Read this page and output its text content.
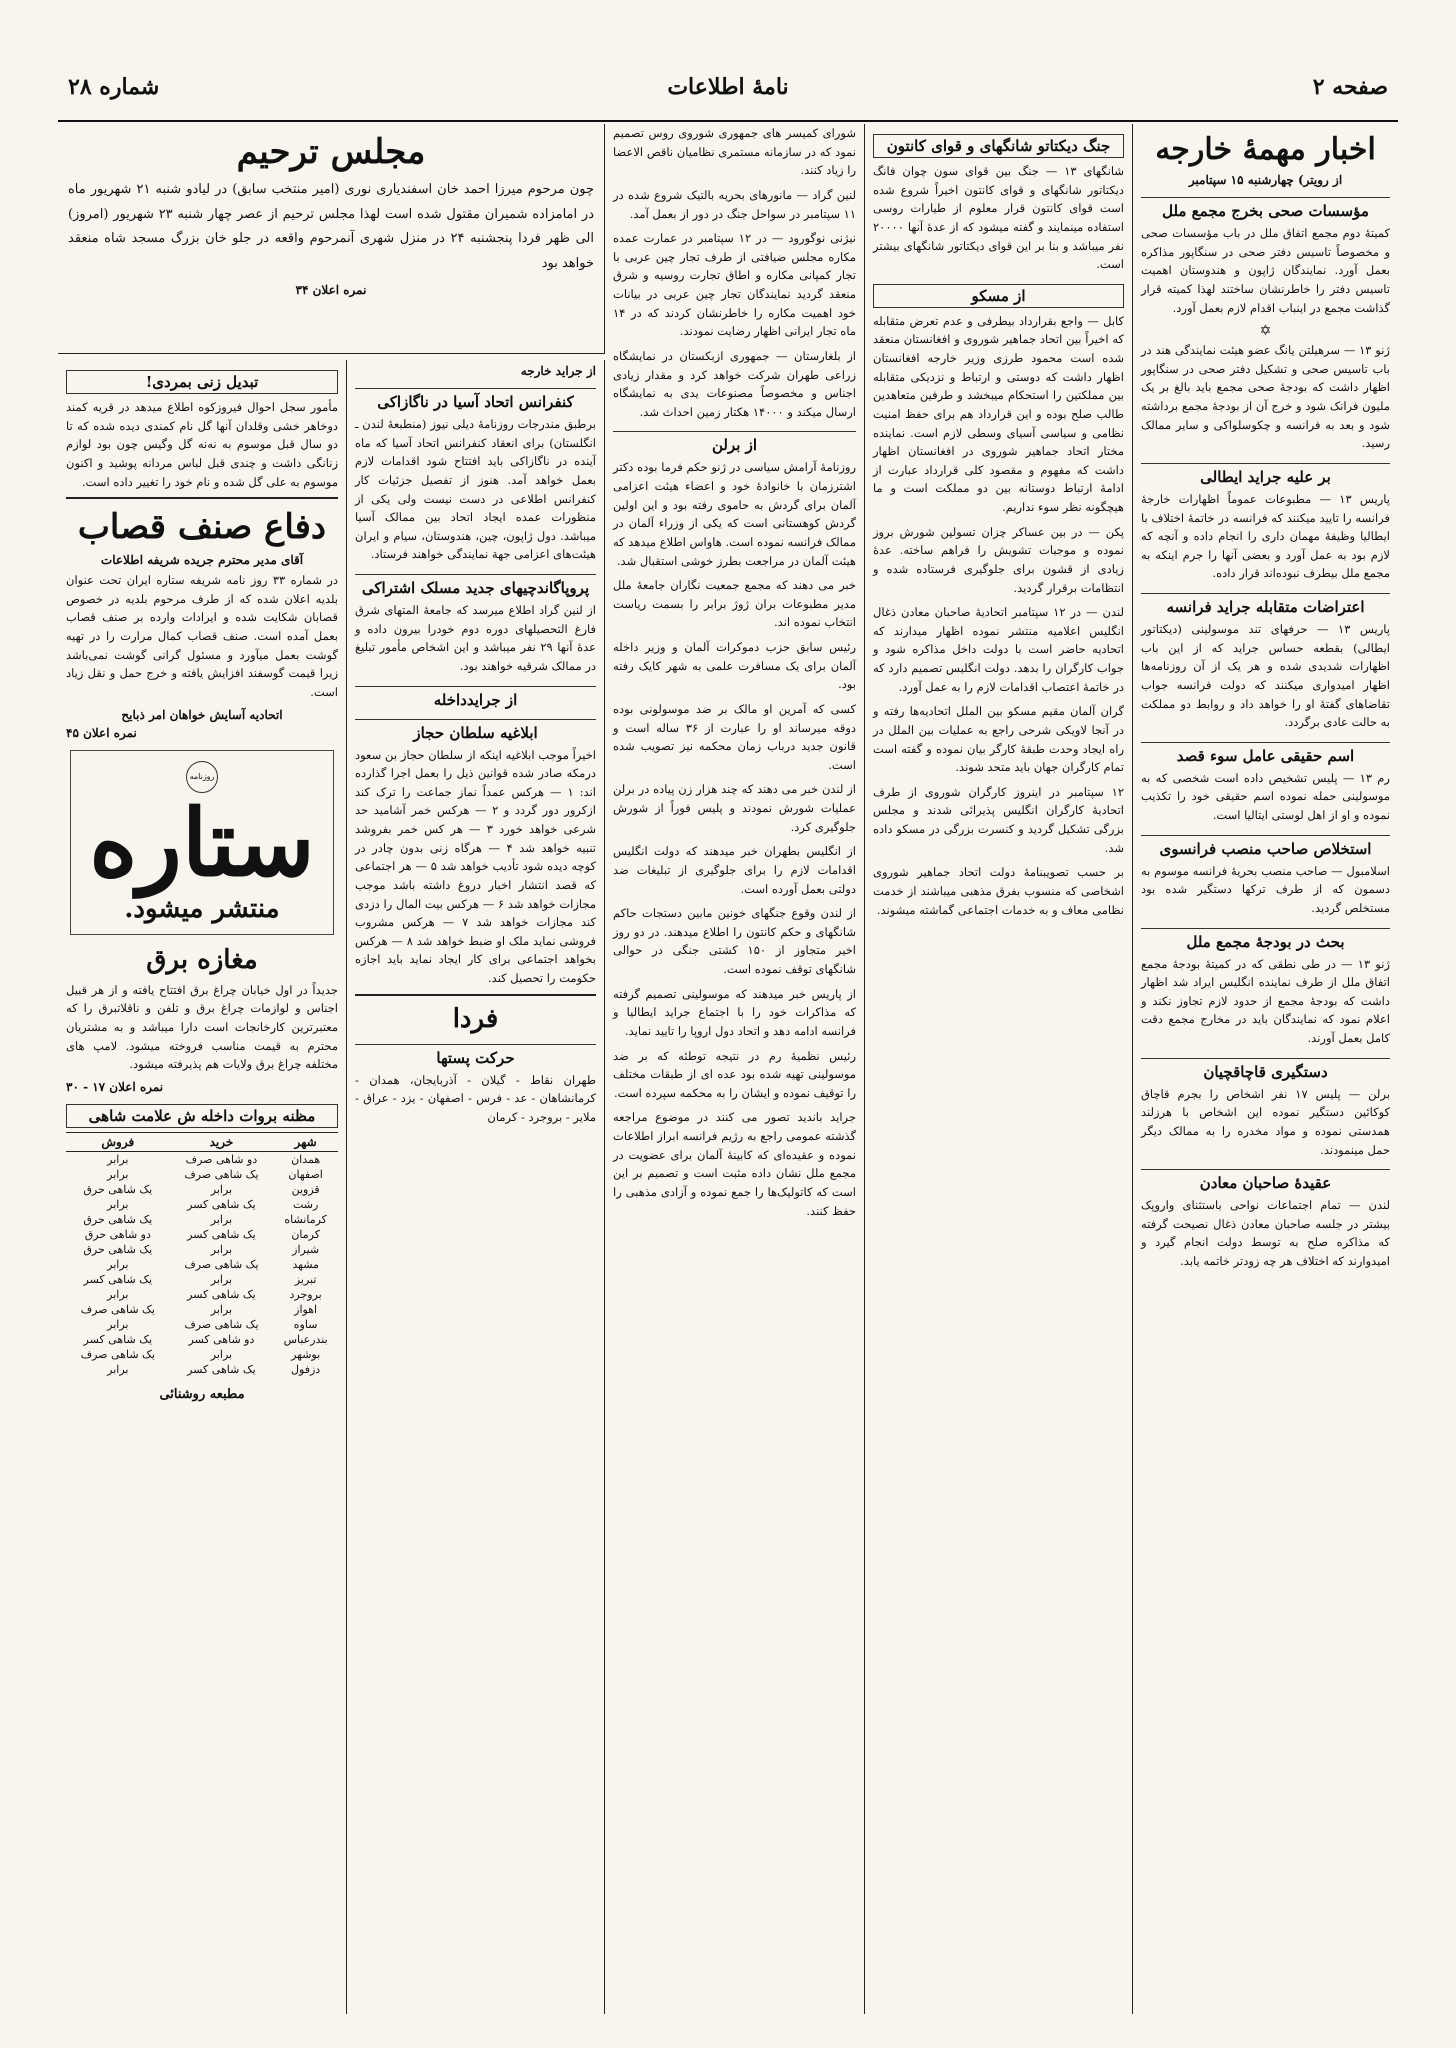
صفحه ۲
نامهٔ اطلاعات
شماره ۲۸
اخبار مهمهٔ خارجه
از رویتر) چهارشنبه ۱۵ سپتامبر
مؤسسات صحی بخرج مجمع ملل

کمیتهٔ دوم مجمع اتفاق ملل در باب مؤسسات صحی و مخصوصاً تاسیس دفتر صحی در سنگاپور مذاکره بعمل آورد. نمایندگان ژاپون و هندوستان اهمیت تاسیس دفتر را خاطرنشان ساختند لهذا کمیته قرار گذاشت مجمع در اینباب اقدام لازم بعمل آورد.

✡

ژنو ۱۳ — سرهیلتن یانگ عضو هیئت نمایندگی هند در باب تاسیس صحی و تشکیل دفتر صحی در سنگاپور اظهار داشت که بودجهٔ صحی مجمع باید بالغ بر یک ملیون فرانک شود و خرج آن از بودجهٔ مجمع برداشته شود و بعد به فرانسه و چکوسلواکی و سایر ممالک رسید.

بر علیه جراید ایطالی

پاریس ۱۳ — مطبوعات عموماً اظهارات خارجهٔ فرانسه را تایید میکنند که فرانسه در خاتمهٔ اختلاف با ایطالیا وظیفهٔ مهمان داری را انجام داده و آنچه که لازم بود به عمل آورد و بعضی آنها را جرم اینکه به مجمع ملل بیطرف نبوده‌اند قرار داده.

اعتراضات متقابله جراید فرانسه

پاریس ۱۳ — حرفهای تند موسولینی (دیکتاتور ایطالی) بقطعه حساس جراید که از این باب اظهارات شدیدی شده و هر یک از آن روزنامه‌ها اظهار امیدواری میکنند که دولت فرانسه جواب تقاضاهای گفتهٔ او را خواهد داد و روابط دو مملکت به حالت عادی برگردد.

اسم حقیقی عامل سوء قصد

رم ۱۳ — پلیس تشخیص داده است شخصی که به موسولینی حمله نموده اسم حقیقی خود را تکذیب نموده و او از اهل لوستی ایتالیا است.

استخلاص صاحب منصب فرانسوی

اسلامبول — صاحب منصب بحریهٔ فرانسه موسوم به دسمون که از طرف ترکها دستگیر شده بود مستخلص گردید.

بحث در بودجهٔ مجمع ملل

ژنو ۱۳ — در طی نطقی که در کمیتهٔ بودجهٔ مجمع اتفاق ملل از طرف نماینده انگلیس ایراد شد اظهار داشت که بودجهٔ مجمع از حدود لازم تجاوز نکند و اعلام نمود که نمایندگان باید در مخارج مجمع دقت کامل بعمل آورند.

دستگیری قاچاقچیان

برلن — پلیس ۱۷ نفر اشخاص را بجرم قاچاق کوکائین دستگیر نموده این اشخاص با هرزلند همدستی نموده و مواد مخدره را به ممالک دیگر حمل مینمودند.

عقیدهٔ صاحبان معادن

لندن — تمام اجتماعات نواحی باستثنای واروپک بیشتر در جلسه صاحبان معادن ذغال نصیحت گرفته که مذاکره صلح به توسط دولت انجام گیرد و امیدوارند که اختلاف هر چه زودتر خاتمه یابد.

جنگ دیکتاتو شانگهای و قوای کانتون

شانگهای ۱۳ — جنگ بین قوای سون چوان فانگ دیکتاتور شانگهای و قوای کانتون اخیراً شروع شده است قوای کانتون قرار معلوم از طیارات روسی استفاده مینمایند و گفته میشود که از عدهٔ آنها ۲۰۰۰۰ نفر میباشد و بنا بر این قوای دیکتاتور شانگهای بیشتر است.

از مسکو

کابل — واجع بقرارداد بیطرفی و عدم تعرض متقابله که اخیراً بین اتحاد جماهیر شوروی و افغانستان منعقد شده است محمود طرزی وزیر خارجه افغانستان اظهار داشت که دوستی و ارتباط و نزدیکی متقابله بین مملکتین را استحکام میبخشد و طرفین متعاهدین طالب صلح بوده و این قرارداد هم برای حفظ امنیت نظامی و سیاسی آسیای وسطی لازم است. نماینده مختار اتحاد جماهیر شوروی در افغانستان اظهار داشت که مفهوم و مقصود کلی قرارداد عبارت از ادامهٔ ارتباط دوستانه بین دو مملکت است و ما هیچگونه نظر سوء نداریم.

پکن — در بین عساکر چزان تسولین شورش بروز نموده و موجبات تشویش را فراهم ساخته. عدهٔ زیادی از قشون برای جلوگیری فرستاده شده و انتظامات برقرار گردید.

لندن — در ۱۲ سپتامبر اتحادیهٔ صاحبان معادن ذغال انگلیس اعلامیه منتشر نموده اظهار میدارند که اتحادیه حاضر است با دولت داخل مذاکره شود و جواب کارگران را بدهد. دولت انگلیس تصمیم دارد که در خاتمهٔ اعتصاب اقدامات لازم را به عمل آورد.

گران آلمان مقیم مسکو بین الملل اتحادیه‌ها رفته و در آنجا لاویکی شرحی راجع به عملیات بین الملل در راه ایجاد وحدت طبقهٔ کارگر بیان نموده و گفته است تمام کارگران جهان باید متحد شوند.

۱۲ سپتامبر در اینروز کارگران شوروی از طرف اتحادیهٔ کارگران انگلیس پذیرائی شدند و مجلس بزرگی تشکیل گردید و کنسرت بزرگی در مسکو داده شد.

بر حسب تصویبنامهٔ دولت اتحاد جماهیر شوروی اشخاصی که منسوب بفرق مذهبی میباشند از خدمت نظامی معاف و به خدمات اجتماعی گماشته میشوند.

شورای کمیسر های جمهوری شوروی روس تصمیم نمود که در سازمانه مستمری نظامیان ناقص الاعضا را زیاد کنند.

لنین گراد — مانورهای بحریه بالتیک شروع شده در ۱۱ سپتامبر در سواحل جنگ در دور از بعمل آمد.

نیژنی نوگورود — در ۱۲ سپتامبر در عمارت عمده مکاره مجلس ضیافتی از طرف تجار چین عربی با تجار کمپانی مکاره و اطاق تجارت روسیه و شرق منعقد گردید نمایندگان تجار چین عربی در بیانات خود اهمیت مکاره را خاطرنشان کردند که در ۱۴ ماه تجار ایرانی اظهار رضایت نمودند.

از بلغارستان — جمهوری ازبکستان در نمایشگاه زراعی طهران شرکت خواهد کرد و مقدار زیادی اجناس و مخصوصاً مصنوعات یدی به نمایشگاه ارسال میکند و ۱۴۰۰۰ هکتار زمین احداث شد.

از برلن

روزنامهٔ آرامش سیاسی در ژنو حکم فرما بوده دکتر اشترزمان با خانوادهٔ خود و اعضاء هیئت اعزامی آلمان برای گردش به حاموی رفته بود و این اولین گردش کوهستانی است که یکی از وزراء آلمان در ممالک فرانسه نموده است. هاواس اطلاع میدهد که هیئت آلمان در مراجعت بطرز خوشی استقبال شد.

خبر می دهند که مجمع جمعیت نگاران جامعهٔ ملل مدیر مطبوعات بران ژوژ برابر را بسمت ریاست انتخاب نموده اند.

رئیس سابق حزب دموکرات آلمان و وزیر داخله آلمان برای یک مسافرت علمی به شهر کایک رفته بود.

کسی که آمرین او مالک بر ضد موسولونی بوده دوقه میرساند او را عبارت از ۳۶ ساله است و قانون جدید درباب زمان محکمه نیز تصویب شده است.

از لندن خبر می دهند که چند هزار زن پیاده در برلن عملیات شورش نمودند و پلیس فوراً از شورش جلوگیری کرد.

از انگلیس بطهران خبر میدهند که دولت انگلیس اقدامات لازم را برای جلوگیری از تبلیغات ضد دولتی بعمل آورده است.

از لندن وقوع جنگهای خونین مابین دستجات حاکم شانگهای و حکم کانتون را اطلاع میدهند. در دو روز اخیر متجاوز از ۱۵۰ کشتی جنگی در حوالی شانگهای توقف نموده است.

از پاریس خبر میدهند که موسولینی تصمیم گرفته که مذاکرات خود را با اجتماع جراید ایطالیا و فرانسه ادامه دهد و اتحاد دول اروپا را تایید نماید.

رئیس نظمیهٔ رم در نتیجه توطئه که بر ضد موسولینی تهیه شده بود عده ای از طبقات مختلف را توقیف نموده و ایشان را به محکمه سپرده است.

جراید باندید تصور می کنند در موضوع مراجعه گذشته عمومی راجع به رژیم فرانسه ابراز اطلاعات نموده و عقیده‌ای که کابینهٔ آلمان برای عضویت در مجمع ملل نشان داده مثبت است و تصمیم بر این است که کاتولیک‌ها را جمع نموده و آزادی مذهبی را حفظ کنند.

از جراید خارجه
کنفرانس اتحاد آسیا در ناگازاکی

برطبق مندرجات روزنامهٔ دیلی نیوز (منطبعهٔ لندن ـ انگلستان) برای انعقاد کنفرانس اتحاد آسیا که ماه آینده در ناگازاکی باید افتتاح شود اقدامات لازم بعمل خواهد آمد. هنوز از تفصیل جزئیات کار کنفرانس اطلاعی در دست نیست ولی یکی از منظورات عمده ایجاد اتحاد بین ممالک آسیا میباشد. دول ژاپون، چین، هندوستان، سیام و ایران هیئت‌های اعزامی جهة نمایندگی خواهند فرستاد.

پروپاگاندچیهای جدید مسلک اشتراکی

از لنین گراد اطلاع میرسد که جامعهٔ المتهای شرق فارغ التحصیلهای دوره دوم خودرا بیرون داده و عدهٔ آنها ۲۹ نفر میباشد و این اشخاص مأمور تبلیغ در ممالک شرقیه خواهند بود.

از جرایدداخله
ابلاغیه سلطان حجاز

اخیراً موجب ابلاغیه اینکه از سلطان حجاز بن سعود درمکه صادر شده قوانین ذیل را بعمل اجرا گذارده اند: ۱ — هرکس عمداً نماز جماعت را ترک کند ازکرور دور گردد و ۲ — هرکس خمر آشامید حد شرعی خواهد خورد ۳ — هر کس خمر بفروشد تنبیه خواهد شد ۴ — هرگاه زنی بدون چادر در کوچه دیده شود تأدیب خواهد شد ۵ — هر اجتماعی که قصد انتشار اخبار دروغ داشته باشد موجب مجازات خواهد شد ۶ — هرکس بیت المال را دزدی کند مجازات خواهد شد ۷ — هرکس مشروب فروشی نماید ملک او ضبط خواهد شد ۸ — هرکس بخواهد اجتماعی برای کار ایجاد نماید باید اجازه حکومت را تحصیل کند.

فردا
حرکت پستها

طهران نقاط - گیلان - آذربایجان، همدان - کرمانشاهان - عد - فرس - اصفهان - یزد - عراق - ملایر - بروجرد - کرمان

مجلس ترحیم

چون مرحوم میرزا احمد خان اسفندیاری نوری (امیر منتخب سابق) در لیادو شنبه ۲۱ شهریور ماه در امامزاده شمیران مقتول شده است لهذا مجلس ترحیم از عصر چهار شنبه ۲۳ شهریور (امروز) الی ظهر فردا پنجشنبه ۲۴ در منزل شهری آنمرحوم واقعه در جلو خان بزرگ مسجد شاه منعقد خواهد بود

نمره اعلان ۳۴
تبدیل زنی بمردی!

مأمور سجل احوال فیروزکوه اطلاع میدهد در قریه کمند دوخاهر خشی وقلدان آنها گل نام کمندی دیده شده که تا دو سال قبل موسوم به نه‌نه گل وگیس چون بود لوازم زنانگی داشت و چندی قبل لباس مردانه پوشید و اکنون موسوم به علی گل شده و نام خود را تغییر داده است.

دفاع صنف قصاب
آقای مدیر محترم جریده شریفه اطلاعات

در شماره ۳۳ روز نامه شریفه ستاره ایران تحت عنوان بلدیه اعلان شده که از طرف مرحوم بلدیه در خصوص قصابان شکایت شده و ایرادات وارده بر صنف قصاب بعمل آمده است. صنف قصاب کمال مرارت را در تهیه گوشت بعمل میآورد و مسئول گرانی گوشت نمی‌باشد زیرا قیمت گوسفند افزایش یافته و خرج حمل و نقل زیاد است.

اتحادیه آسایش خواهان امر ذبایح
نمره اعلان ۴۵
روزنامه
ستاره
منتشر میشود.
مغازه برق

جدیداً در اول خیابان چراغ برق افتتاح یافته و از هر قبیل اجناس و لوازمات چراغ برق و تلفن و ناقلاتبرق را که معتبرترین کارخانجات است دارا میباشد و به مشتریان محترم به قیمت مناسب فروخته میشود. لامپ های مختلفه چراغ برق ولایات هم پذیرفته میشود.

نمره اعلان ۱۷ - ۳۰
مظنه بروات داخله ش علامت شاهی
شهر	خرید	فروش
همدان	دو شاهی صرف	برابر
اصفهان	یک شاهی صرف	برابر
قزوین	برابر	یک شاهی حرق
رشت	یک شاهی کسر	برابر
کرمانشاه	برابر	یک شاهی حرق
کرمان	یک شاهی کسر	دو شاهی حرق
شیراز	برابر	یک شاهی حرق
مشهد	یک شاهی صرف	برابر
تبریز	برابر	یک شاهی کسر
بروجرد	یک شاهی کسر	برابر
اهواز	برابر	یک شاهی صرف
ساوه	یک شاهی صرف	برابر
بندرعباس	دو شاهی کسر	یک شاهی کسر
بوشهر	برابر	یک شاهی صرف
دزفول	یک شاهی کسر	برابر
مطبعه روشنائی
